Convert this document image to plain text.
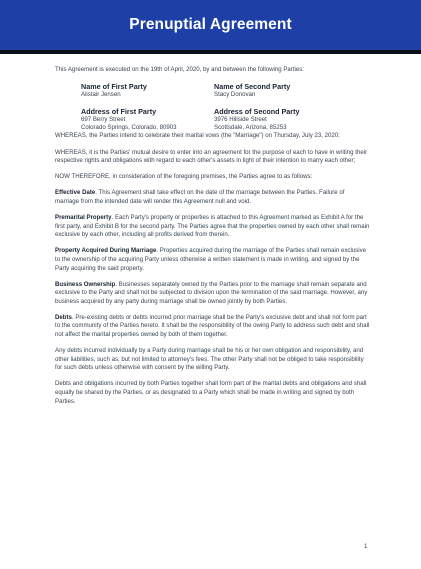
Prenuptial Agreement

This Agreement is executed on the 19th of April, 2020, by and between the following Parties:

Name of First Party
Alistair Jensen
Name of Second Party
Stacy Donovan
Address of First Party
697 Berry Street
Colorado Springs, Colorado, 80903
Address of Second Party
3976 Hillside Street
Scottsdale, Arizona, 85253

WHEREAS, the Parties intend to celebrate their marital vows (the "Marriage") on Thursday, July 23, 2020;

WHEREAS, it is the Parties' mutual desire to enter into an agreement for the purpose of each to have in writing their respective rights and obligations with regard to each other's assets in light of their intention to marry each other;

NOW THEREFORE, in consideration of the foregoing premises, the Parties agree to as follows:

Effective Date. This Agreement shall take effect on the date of the marriage between the Parties. Failure of marriage from the intended date will render this Agreement null and void.

Premarital Property. Each Party's property or properties is attached to this Agreement marked as Exhibit A for the first party, and Exhibit B for the second party. The Parties agree that the properties owned by each other shall remain exclusive by each other, including all profits derived from therein.

Property Acquired During Marriage. Properties acquired during the marriage of the Parties shall remain exclusive to the ownership of the acquiring Party unless otherwise a written statement is made in writing, and signed by the Party acquiring the said property.

Business Ownership. Businesses separately owned by the Parties prior to the marriage shall remain separate and exclusive to the Party and shall not be subjected to division upon the termination of the said marriage. However, any business acquired by any party during marriage shall be owned jointly by both Parties.

Debts. Pre-existing debts or debts incurred prior marriage shall be the Party's exclusive debt and shall not form part to the community of the Parties hereto. It shall be the responsibility of the owing Party to address such debt and shall not affect the marital properties owned by both of them together.

Any debts incurred individually by a Party during marriage shall be his or her own obligation and responsibility, and other liabilities, such as, but not limited to attorney's fees. The other Party shall not be obliged to take responsibility for such debts unless otherwise with consent by the willing Party.

Debts and obligations incurred by both Parties together shall form part of the marital debts and obligations and shall equally be shared by the Parties, or as designated to a Party which shall be made in writing and signed by both Parties.

1
